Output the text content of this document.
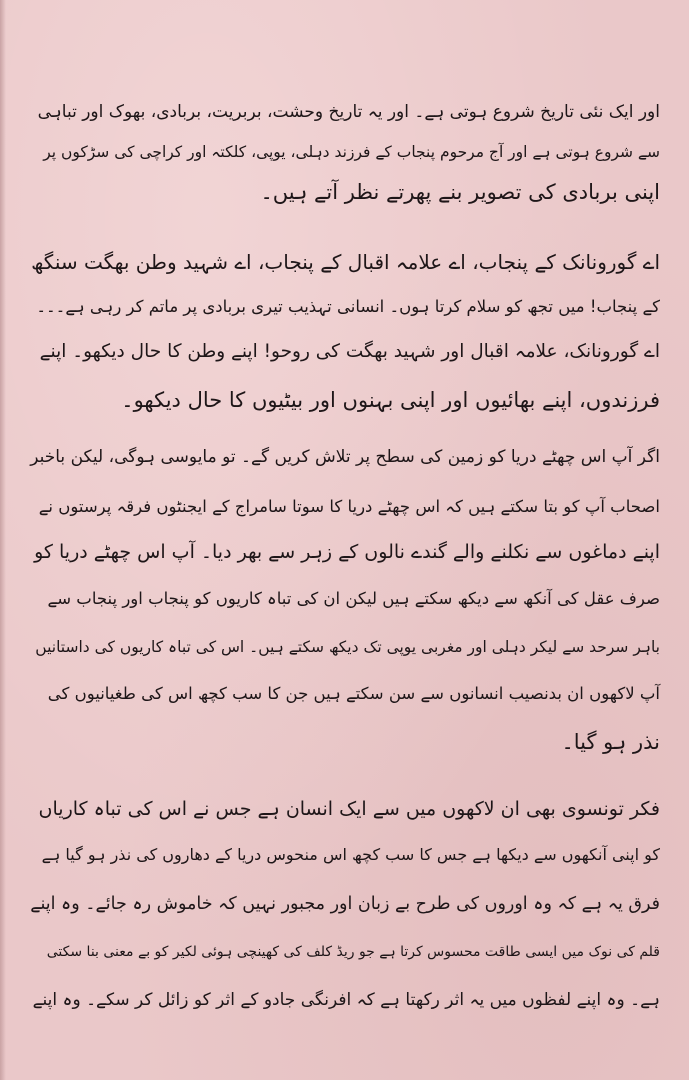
اور ایک نئی تاریخ شروع ہوتی ہے۔ اور یہ تاریخ وحشت، بربریت، بربادی، بھوک اور تباہی
سے شروع ہوتی ہے اور آج مرحوم پنجاب کے فرزند دہلی، یوپی، کلکتہ اور کراچی کی سڑکوں پر
اپنی بربادی کی تصویر بنے پھرتے نظر آتے ہیں۔
اے گورونانک کے پنجاب، اے علامہ اقبال کے پنجاب، اے شہید وطن بھگت سنگھ
کے پنجاب! میں تجھ کو سلام کرتا ہوں۔ انسانی تہذیب تیری بربادی پر ماتم کر رہی ہے۔۔۔
اے گورونانک، علامہ اقبال اور شہید بھگت کی روحو! اپنے وطن کا حال دیکھو۔ اپنے
فرزندوں، اپنے بھائیوں اور اپنی بہنوں اور بیٹیوں کا حال دیکھو۔
اگر آپ اس چھٹے دریا کو زمین کی سطح پر تلاش کریں گے۔ تو مایوسی ہوگی، لیکن باخبر
اصحاب آپ کو بتا سکتے ہیں کہ اس چھٹے دریا کا سوتا سامراج کے ایجنٹوں فرقہ پرستوں نے
اپنے دماغوں سے نکلنے والے گندے نالوں کے زہر سے بھر دیا۔ آپ اس چھٹے دریا کو
صرف عقل کی آنکھ سے دیکھ سکتے ہیں لیکن ان کی تباہ کاریوں کو پنجاب اور پنجاب سے
باہر سرحد سے لیکر دہلی اور مغربی یوپی تک دیکھ سکتے ہیں۔ اس کی تباہ کاریوں کی داستانیں
آپ لاکھوں ان بدنصیب انسانوں سے سن سکتے ہیں جن کا سب کچھ اس کی طغیانیوں کی
نذر ہو گیا۔
فکر تونسوی بھی ان لاکھوں میں سے ایک انسان ہے جس نے اس کی تباہ کاریاں
کو اپنی آنکھوں سے دیکھا ہے جس کا سب کچھ اس منحوس دریا کے دھاروں کی نذر ہو گیا ہے
فرق یہ ہے کہ وہ اوروں کی طرح بے زبان اور مجبور نہیں کہ خاموش رہ جائے۔ وہ اپنے
قلم کی نوک میں ایسی طاقت محسوس کرتا ہے جو ریڈ کلف کی کھینچی ہوئی لکیر کو بے معنی بنا سکتی
ہے۔ وہ اپنے لفظوں میں یہ اثر رکھتا ہے کہ افرنگی جادو کے اثر کو زائل کر سکے۔ وہ اپنے
